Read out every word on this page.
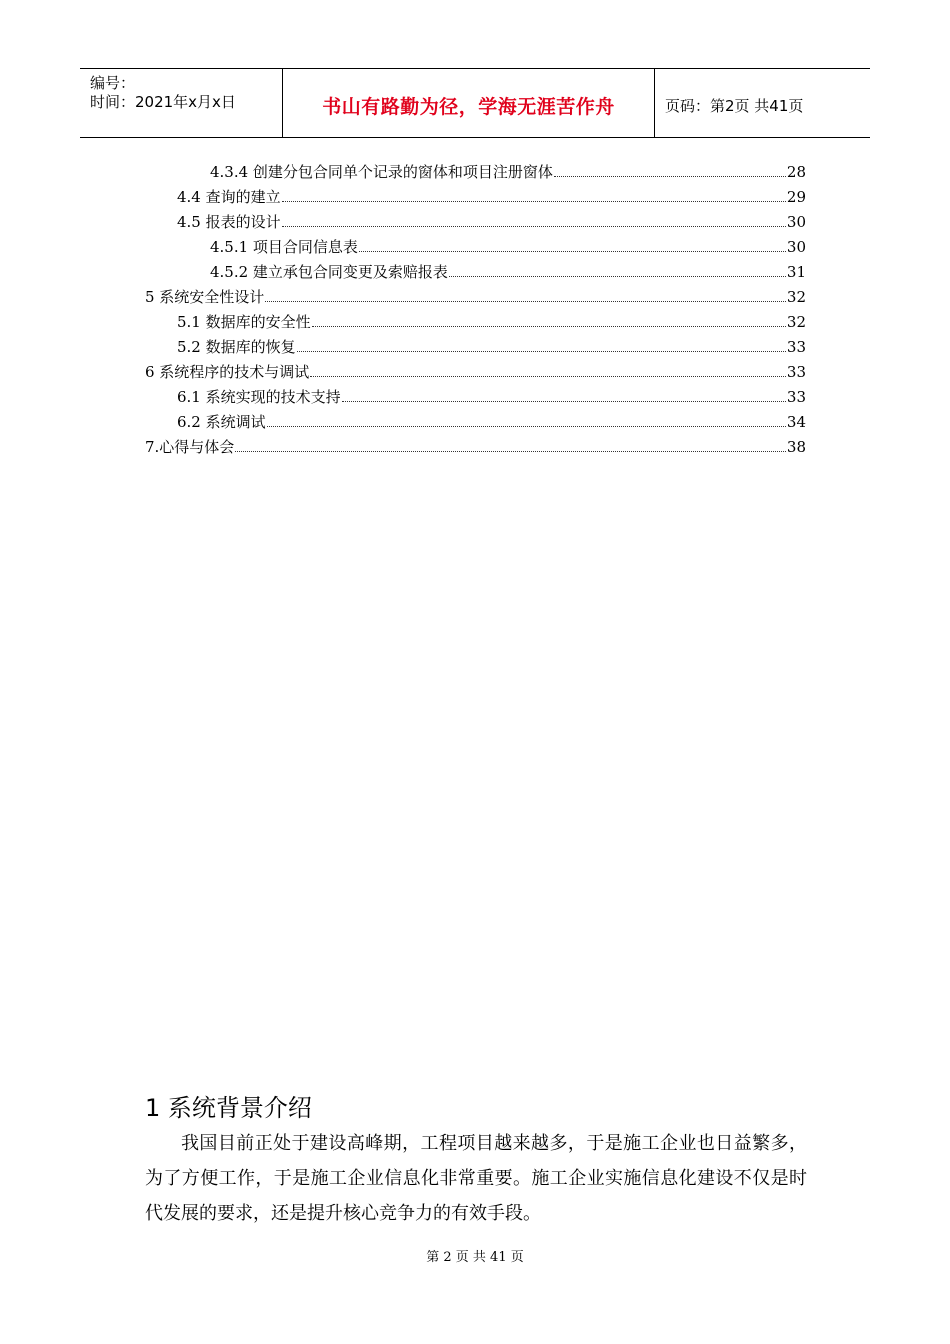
编号：
时间：2021年x月x日	书山有路勤为径，学海无涯苦作舟	页码：第2页 共41页
4.3.4 创建分包合同单个记录的窗体和项目注册窗体	28
4.4 查询的建立	29
4.5 报表的设计	30
4.5.1 项目合同信息表	30
4.5.2 建立承包合同变更及索赔报表	31
5 系统安全性设计	32
5.1 数据库的安全性	32
5.2 数据库的恢复	33
6 系统程序的技术与调试	33
6.1 系统实现的技术支持	33
6.2 系统调试	34
7.心得与体会	38
1 系统背景介绍
我国目前正处于建设高峰期，工程项目越来越多，于是施工企业也日益繁多，为了方便工作，于是施工企业信息化非常重要。施工企业实施信息化建设不仅是时代发展的要求，还是提升核心竞争力的有效手段。
第 2 页 共 41 页
